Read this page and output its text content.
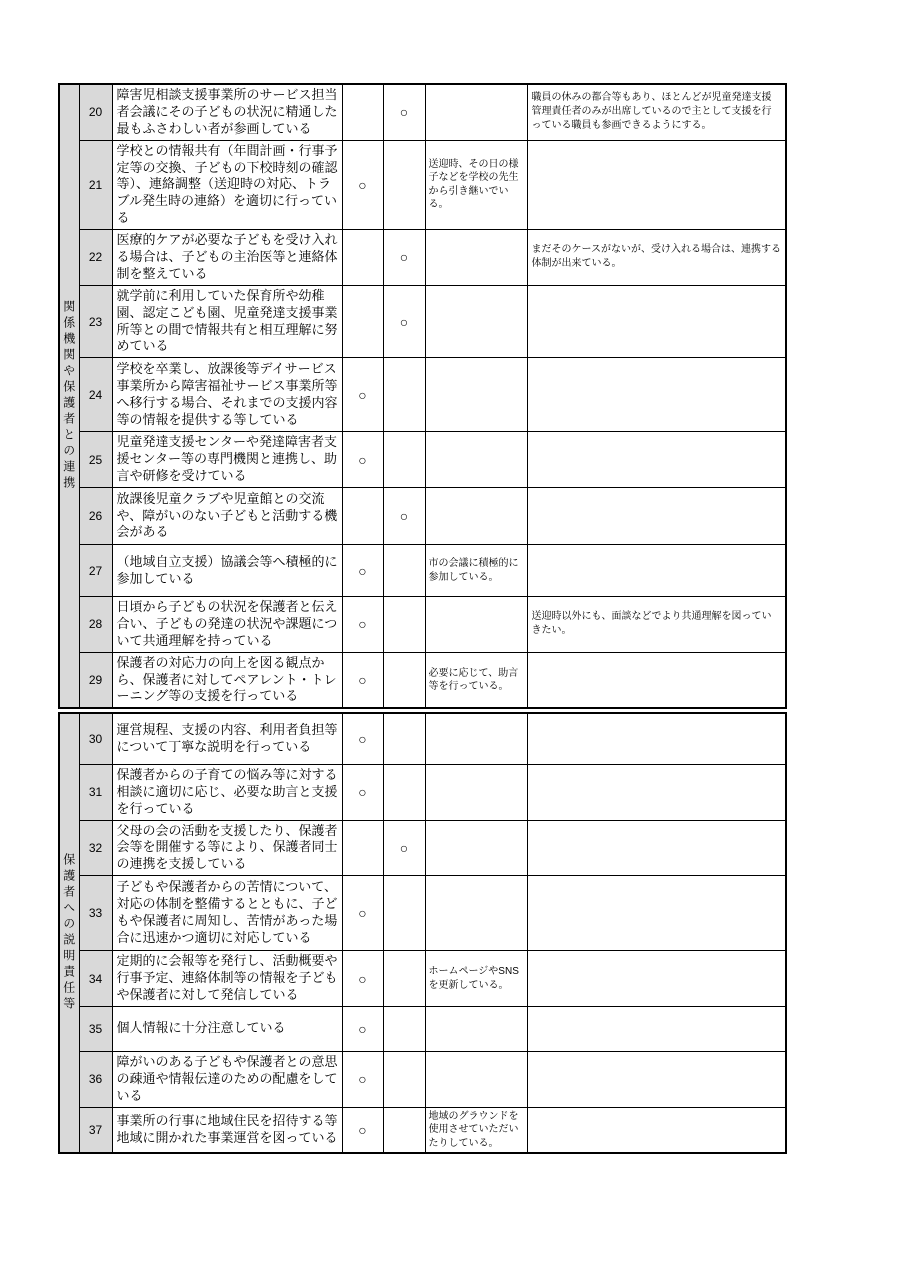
関係機関や保護者との連携	20	障害児相談支援事業所のサービス担当者会議にその子どもの状況に精通した最もふさわしい者が参画している		○		職員の休みの都合等もあり、ほとんどが児童発達支援管理責任者のみが出席しているので主として支援を行っている職員も参画できるようにする。
	21	学校との情報共有（年間計画・行事予定等の交換、子どもの下校時刻の確認等）、連絡調整（送迎時の対応、トラブル発生時の連絡）を適切に行っている	○		送迎時、その日の様子などを学校の先生から引き継いでいる。	
	22	医療的ケアが必要な子どもを受け入れる場合は、子どもの主治医等と連絡体制を整えている		○		まだそのケースがないが、受け入れる場合は、連携する体制が出来ている。
	23	就学前に利用していた保育所や幼稚園、認定こども園、児童発達支援事業所等との間で情報共有と相互理解に努めている		○		
	24	学校を卒業し、放課後等デイサービス事業所から障害福祉サービス事業所等へ移行する場合、それまでの支援内容等の情報を提供する等している	○			
	25	児童発達支援センターや発達障害者支援センター等の専門機関と連携し、助言や研修を受けている	○			
	26	放課後児童クラブや児童館との交流や、障がいのない子どもと活動する機会がある		○		
	27	（地域自立支援）協議会等へ積極的に参加している	○		市の会議に積極的に参加している。	
	28	日頃から子どもの状況を保護者と伝え合い、子どもの発達の状況や課題について共通理解を持っている	○			送迎時以外にも、面談などでより共通理解を図っていきたい。
	29	保護者の対応力の向上を図る観点から、保護者に対してペアレント・トレーニング等の支援を行っている	○		必要に応じて、助言等を行っている。	
保護者への説明責任等	30	運営規程、支援の内容、利用者負担等について丁寧な説明を行っている	○			
	31	保護者からの子育ての悩み等に対する相談に適切に応じ、必要な助言と支援を行っている	○			
	32	父母の会の活動を支援したり、保護者会等を開催する等により、保護者同士の連携を支援している		○		
	33	子どもや保護者からの苦情について、対応の体制を整備するとともに、子どもや保護者に周知し、苦情があった場合に迅速かつ適切に対応している	○			
	34	定期的に会報等を発行し、活動概要や行事予定、連絡体制等の情報を子どもや保護者に対して発信している	○		ホームページやSNSを更新している。	
	35	個人情報に十分注意している	○			
	36	障がいのある子どもや保護者との意思の疎通や情報伝達のための配慮をしている	○			
	37	事業所の行事に地域住民を招待する等地域に開かれた事業運営を図っている	○		地域のグラウンドを使用させていただいたりしている。	
